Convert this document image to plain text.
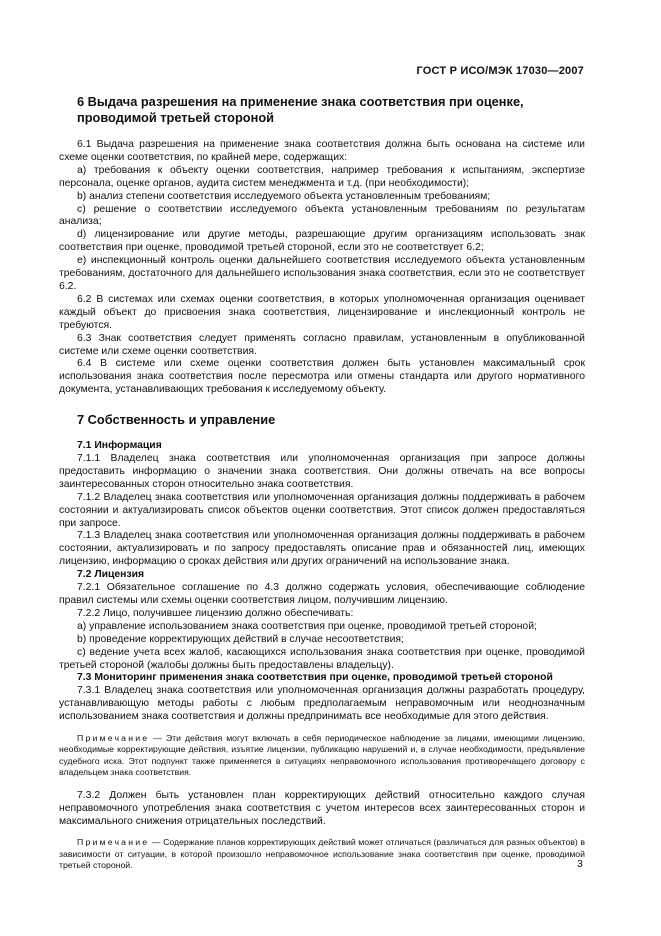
ГОСТ Р ИСО/МЭК 17030—2007
6 Выдача разрешения на применение знака соответствия при оценке, проводимой третьей стороной

6.1 Выдача разрешения на применение знака соответствия должна быть основана на системе или схеме оценки соответствия, по крайней мере, содержащих:

а) требования к объекту оценки соответствия, например требования к испытаниям, экспертизе персонала, оценке органов, аудита систем менеджмента и т.д. (при необходимости);

b) анализ степени соответствия исследуемого объекта установленным требованиям;

c) решение о соответствии исследуемого объекта установленным требованиям по результатам анализа;

d) лицензирование или другие методы, разрешающие другим организациям использовать знак соответствия при оценке, проводимой третьей стороной, если это не соответствует 6.2;

e) инспекционный контроль оценки дальнейшего соответствия исследуемого объекта установленным требованиям, достаточного для дальнейшего использования знака соответствия, если это не соответствует 6.2.

6.2 В системах или схемах оценки соответствия, в которых уполномоченная организация оценивает каждый объект до присвоения знака соответствия, лицензирование и инслекционный контроль не требуются.

6.3 Знак соответствия следует применять согласно правилам, установленным в опубликованной системе или схеме оценки соответствия.

6.4 В системе или схеме оценки соответствия должен быть установлен максимальный срок использования знака соответствия после пересмотра или отмены стандарта или другого нормативного документа, устанавливающих требования к исследуемому объекту.

7 Собственность и управление

7.1 Информация

7.1.1 Владелец знака соответствия или уполномоченная организация при запросе должны предоставить информацию о значении знака соответствия. Они должны отвечать на все вопросы заинтересованных сторон относительно знака соответствия.

7.1.2 Владелец знака соответствия или уполномоченная организация должны поддерживать в рабочем состоянии и актуализировать список объектов оценки соответствия. Этот список должен предоставляться при запросе.

7.1.3 Владелец знака соответствия или уполномоченная организация должны поддерживать в рабочем состоянии, актуализировать и по запросу предоставлять описание прав и обязанностей лиц, имеющих лицензию, информацию о сроках действия или других ограничений на использование знака.

7.2 Лицензия

7.2.1 Обязательное соглашение по 4.3 должно содержать условия, обеспечивающие соблюдение правил системы или схемы оценки соответствия лицом, получившим лицензию.

7.2.2 Лицо, получившее лицензию должно обеспечивать:

а) управление использованием знака соответствия при оценке, проводимой третьей стороной;

b) проведение корректирующих действий в случае несоответствия;

c) ведение учета всех жалоб, касающихся использования знака соответствия при оценке, проводимой третьей стороной (жалобы должны быть предоставлены владельцу).

7.3 Мониторинг применения знака соответствия при оценке, проводимой третьей стороной

7.3.1 Владелец знака соответствия или уполномоченная организация должны разработать процедуру, устанавливающую методы работы с любым предполагаемым неправомочным или неоднозначным использованием знака соответствия и должны предпринимать все необходимые для этого действия.

Примечание — Эти действия могут включать в себя периодическое наблюдение за лицами, имеющими лицензию, необходимые корректирующие действия, изъятие лицензии, публикацию нарушений и, в случае необходимости, предъявление судебного иска. Этот подпункт также применяется в ситуациях неправомочного использования противоречащего договору с владельцем знака соответствия.

7.3.2 Должен быть установлен план корректирующих действий относительно каждого случая неправомочного употребления знака соответствия с учетом интересов всех заинтересованных сторон и максимального снижения отрицательных последствий.

Примечание — Содержание планов корректирующих действий может отличаться (различаться для разных объектов) в зависимости от ситуации, в которой произошло неправомочное использование знака соответствия при оценке, проводимой третьей стороной.	3
